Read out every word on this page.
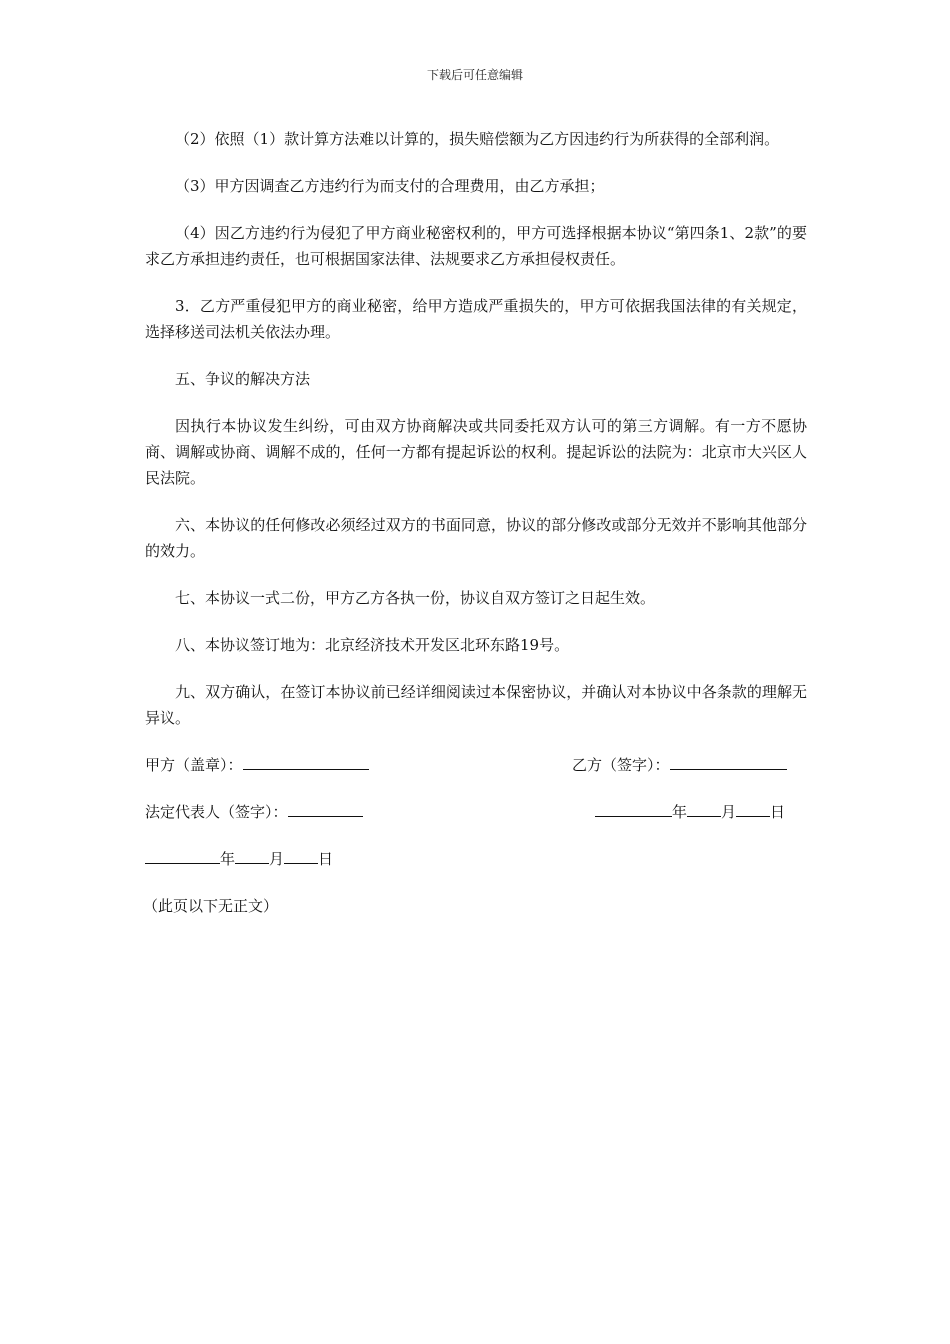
下载后可任意编辑

（2）依照（1）款计算方法难以计算的，损失赔偿额为乙方因违约行为所获得的全部利润。

（3）甲方因调查乙方违约行为而支付的合理费用，由乙方承担；

（4）因乙方违约行为侵犯了甲方商业秘密权利的，甲方可选择根据本协议“第四条1、2款”的要求乙方承担违约责任，也可根据国家法律、法规要求乙方承担侵权责任。

3．乙方严重侵犯甲方的商业秘密，给甲方造成严重损失的，甲方可依据我国法律的有关规定，选择移送司法机关依法办理。

五、争议的解决方法

因执行本协议发生纠纷，可由双方协商解决或共同委托双方认可的第三方调解。有一方不愿协商、调解或协商、调解不成的，任何一方都有提起诉讼的权利。提起诉讼的法院为：北京市大兴区人民法院。

六、本协议的任何修改必须经过双方的书面同意，协议的部分修改或部分无效并不影响其他部分的效力。

七、本协议一式二份，甲方乙方各执一份，协议自双方签订之日起生效。

八、本协议签订地为：北京经济技术开发区北环东路19号。

九、双方确认，在签订本协议前已经详细阅读过本保密协议，并确认对本协议中各条款的理解无异议。

甲方（盖章）：	乙方（签字）：
法定代表人（签字）：	年 月 日
年 月 日

（此页以下无正文）
